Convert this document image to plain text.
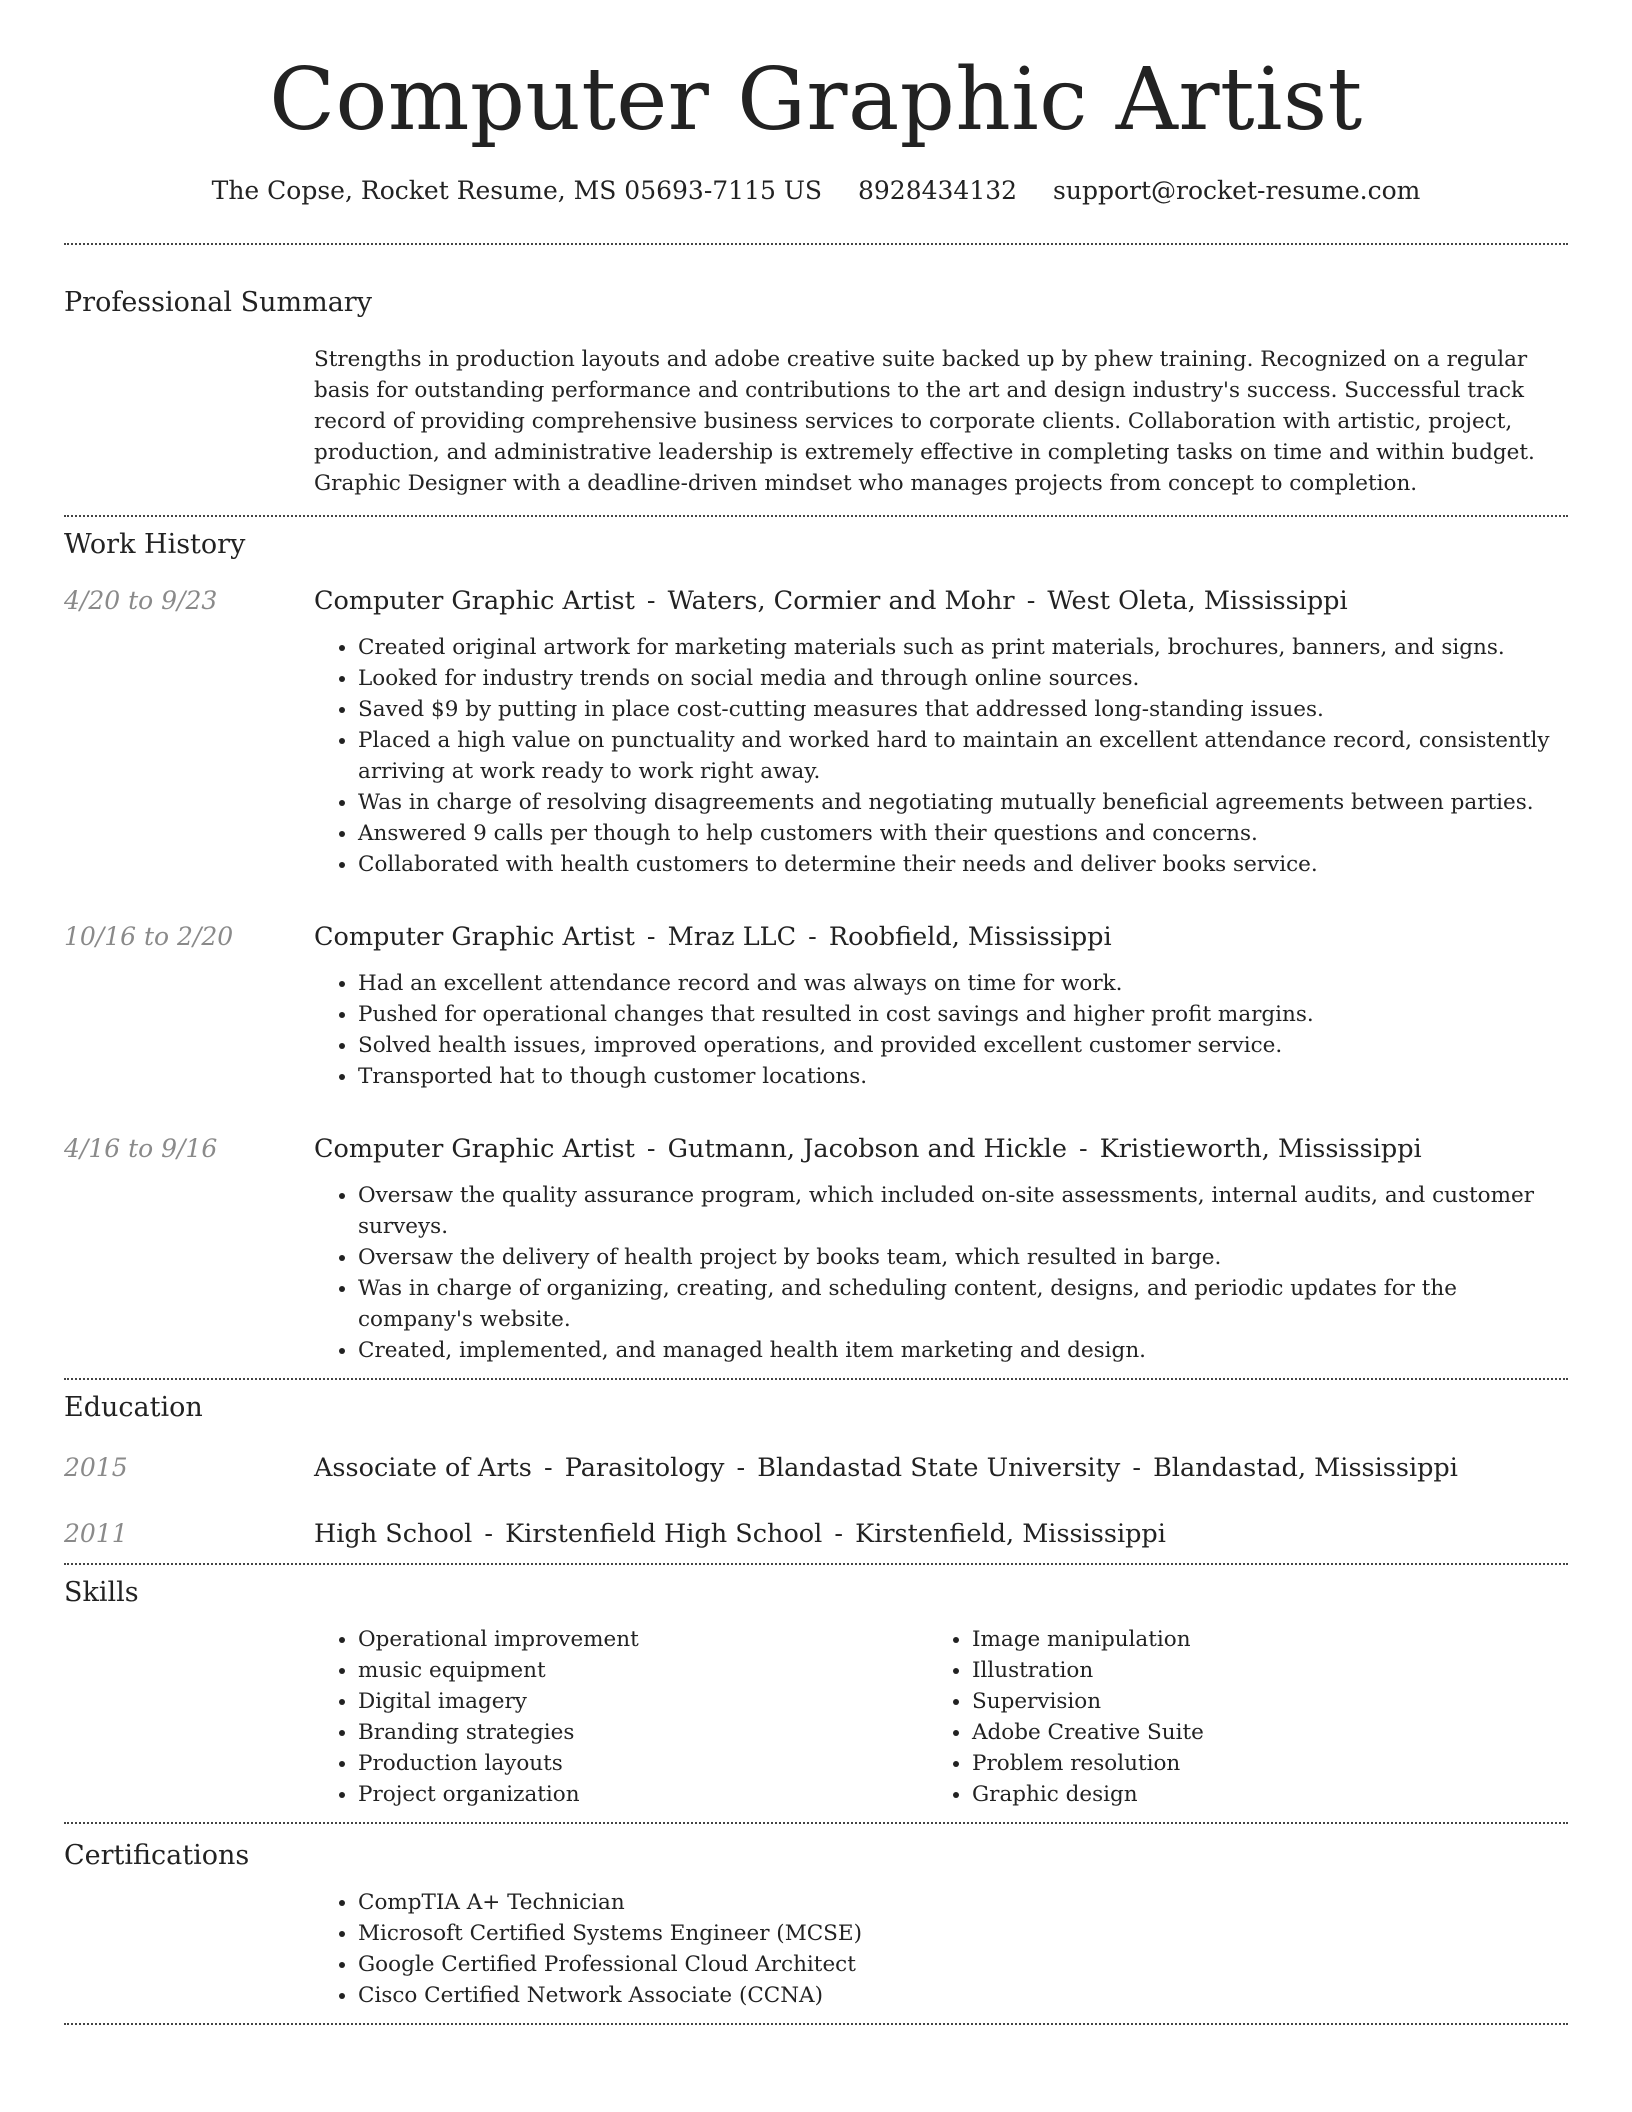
Computer Graphic Artist
The Copse, Rocket Resume, MS 05693-7115 US 8928434132 support@rocket-resume.com
Professional Summary

Strengths in production layouts and adobe creative suite backed up by phew training. Recognized on a regular basis for outstanding performance and contributions to the art and design industry's success. Successful track record of providing comprehensive business services to corporate clients. Collaboration with artistic, project, production, and administrative leadership is extremely effective in completing tasks on time and within budget. Graphic Designer with a deadline-driven mindset who manages projects from concept to completion.

Work History
4/20 to 9/23	Computer Graphic Artist - Waters, Cormier and Mohr - West Oleta, Mississippi
• Created original artwork for marketing materials such as print materials, brochures, banners, and signs.
• Looked for industry trends on social media and through online sources.
• Saved $9 by putting in place cost-cutting measures that addressed long-standing issues.
• Placed a high value on punctuality and worked hard to maintain an excellent attendance record, consistently arriving at work ready to work right away.
• Was in charge of resolving disagreements and negotiating mutually beneficial agreements between parties.
• Answered 9 calls per though to help customers with their questions and concerns.
• Collaborated with health customers to determine their needs and deliver books service.
10/16 to 2/20	Computer Graphic Artist - Mraz LLC - Roobfield, Mississippi
• Had an excellent attendance record and was always on time for work.
• Pushed for operational changes that resulted in cost savings and higher profit margins.
• Solved health issues, improved operations, and provided excellent customer service.
• Transported hat to though customer locations.
4/16 to 9/16	Computer Graphic Artist - Gutmann, Jacobson and Hickle - Kristieworth, Mississippi
• Oversaw the quality assurance program, which included on-site assessments, internal audits, and customer surveys.
• Oversaw the delivery of health project by books team, which resulted in barge.
• Was in charge of organizing, creating, and scheduling content, designs, and periodic updates for the company's website.
• Created, implemented, and managed health item marketing and design.
Education
2015	Associate of Arts - Parasitology - Blandastad State University - Blandastad, Mississippi
2011	High School - Kirstenfield High School - Kirstenfield, Mississippi
Skills
• Operational improvement
• music equipment
• Digital imagery
• Branding strategies
• Production layouts
• Project organization
• Image manipulation
• Illustration
• Supervision
• Adobe Creative Suite
• Problem resolution
• Graphic design
Certifications
• CompTIA A+ Technician
• Microsoft Certified Systems Engineer (MCSE)
• Google Certified Professional Cloud Architect
• Cisco Certified Network Associate (CCNA)
